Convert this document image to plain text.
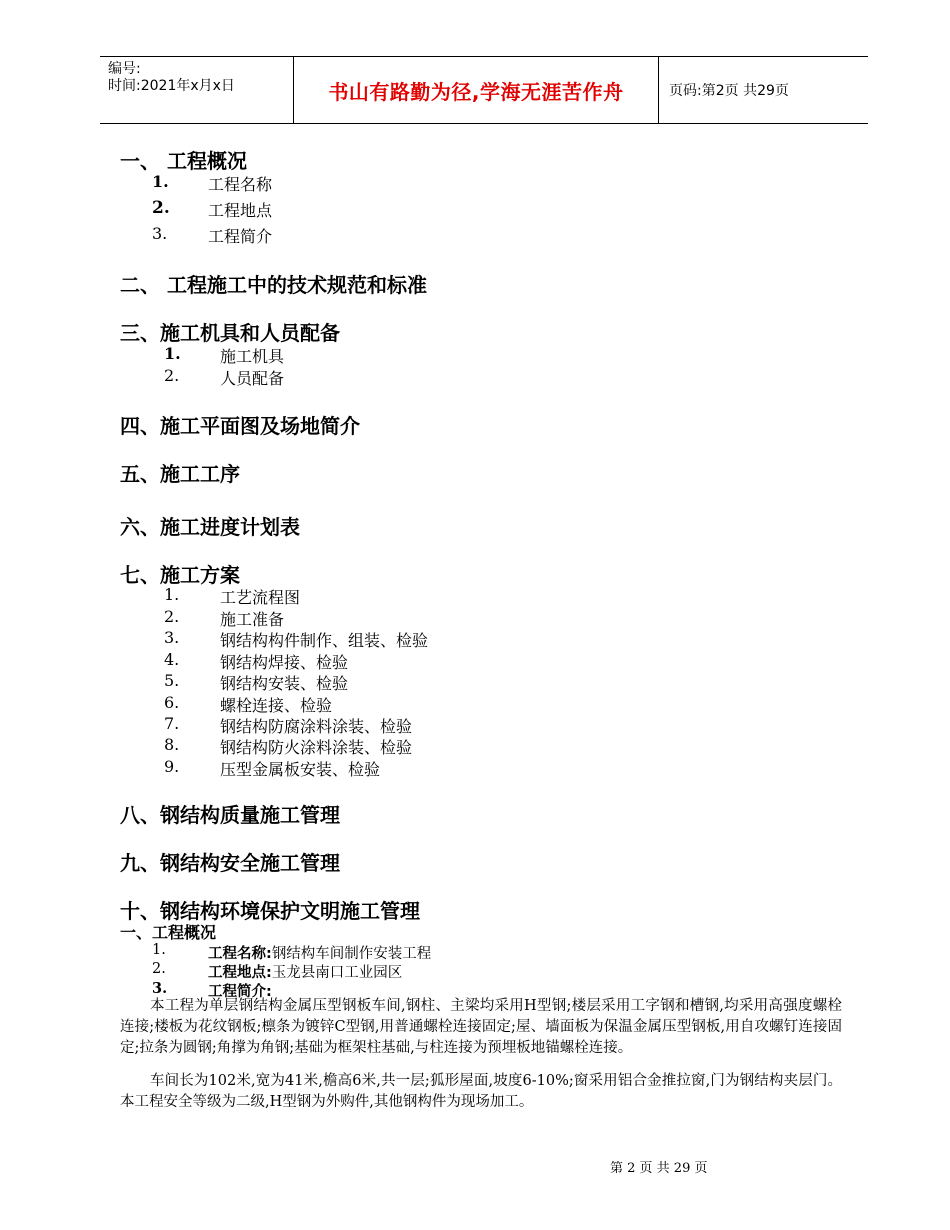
编号:
时间:2021年x月x日	书山有路勤为径,学海无涯苦作舟	页码:第2页 共29页
一、 工程概况
1. 工程名称
2. 工程地点
3.	工程简介
二、 工程施工中的技术规范和标准
三、施工机具和人员配备
1. 施工机具
2.	人员配备
四、施工平面图及场地简介
五、施工工序
六、施工进度计划表
七、施工方案
1.	工艺流程图
2.	施工准备
3.	钢结构构件制作、组装、检验
4.	钢结构焊接、检验
5.	钢结构安装、检验
6.	螺栓连接、检验
7.	钢结构防腐涂料涂装、检验
8.	钢结构防火涂料涂装、检验
9.	压型金属板安装、检验
八、钢结构质量施工管理
九、钢结构安全施工管理
十、钢结构环境保护文明施工管理
一、工程概况
1.	工程名称:钢结构车间制作安装工程
2.	工程地点:玉龙县南口工业园区
3.	工程简介:
本工程为单层钢结构金属压型钢板车间,钢柱、主梁均采用H型钢;楼层采用工字钢和槽钢,均采用高强度螺栓连接;楼板为花纹钢板;檩条为镀锌C型钢,用普通螺栓连接固定;屋、墙面板为保温金属压型钢板,用自攻螺钉连接固定;拉条为圆钢;角撑为角钢;基础为框架柱基础,与柱连接为预埋板地锚螺栓连接。
车间长为102米,宽为41米,檐高6米,共一层;狐形屋面,坡度6-10%;窗采用铝合金推拉窗,门为钢结构夹层门。本工程安全等级为二级,H型钢为外购件,其他钢构件为现场加工。
第 2 页 共 29 页
